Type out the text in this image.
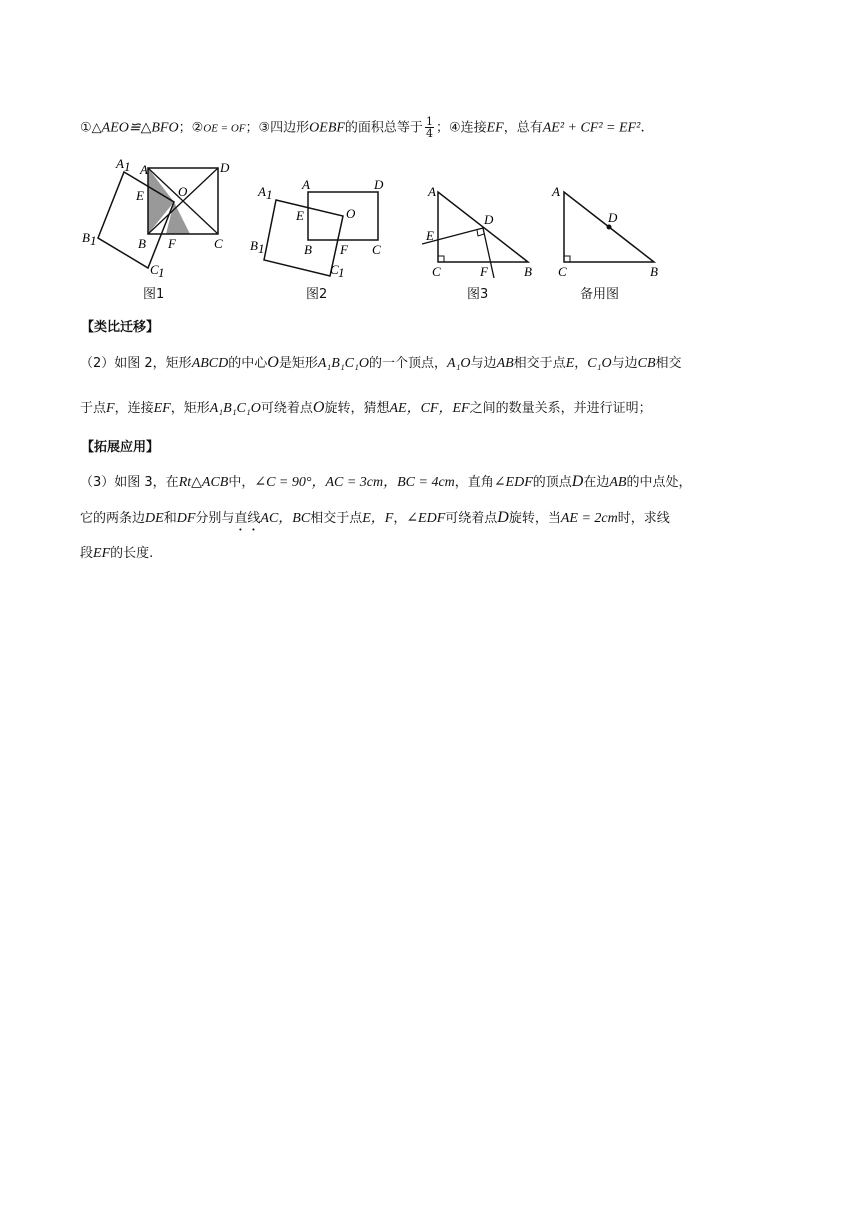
①△AEO≌△BFO；②OE = OF；③四边形OEBF的面积总等于 $\frac{1}{4}$ ；④连接EF，总有AE² + CF² = EF².
A 1 A	D
E	O
B 1	B F	C
C 1
图1
A 1
A	D
E	O
B 1	B F C
C 1
图2
A
D
E
C	F	B
图3
A
D
C	B
备用图
【类比迁移】
（2）如图 2，矩形ABCD的中心O是矩形A₁B₁C₁O的一个顶点，A₁O与边AB相交于点E，C₁O与边CB相交
于点F，连接EF，矩形A₁B₁C₁O可绕着点O旋转，猜想AE，CF，EF之间的数量关系，并进行证明；
【拓展应用】
（3）如图 3，在Rt△ACB中，∠C = 90°，AC = 3cm，BC = 4cm，直角∠EDF的顶点D在边AB的中点处，
它的两条边DE和DF分别与直线AC，BC相交于点E，F，∠EDF可绕着点D旋转，当AE = 2cm时，求线
段EF的长度.
